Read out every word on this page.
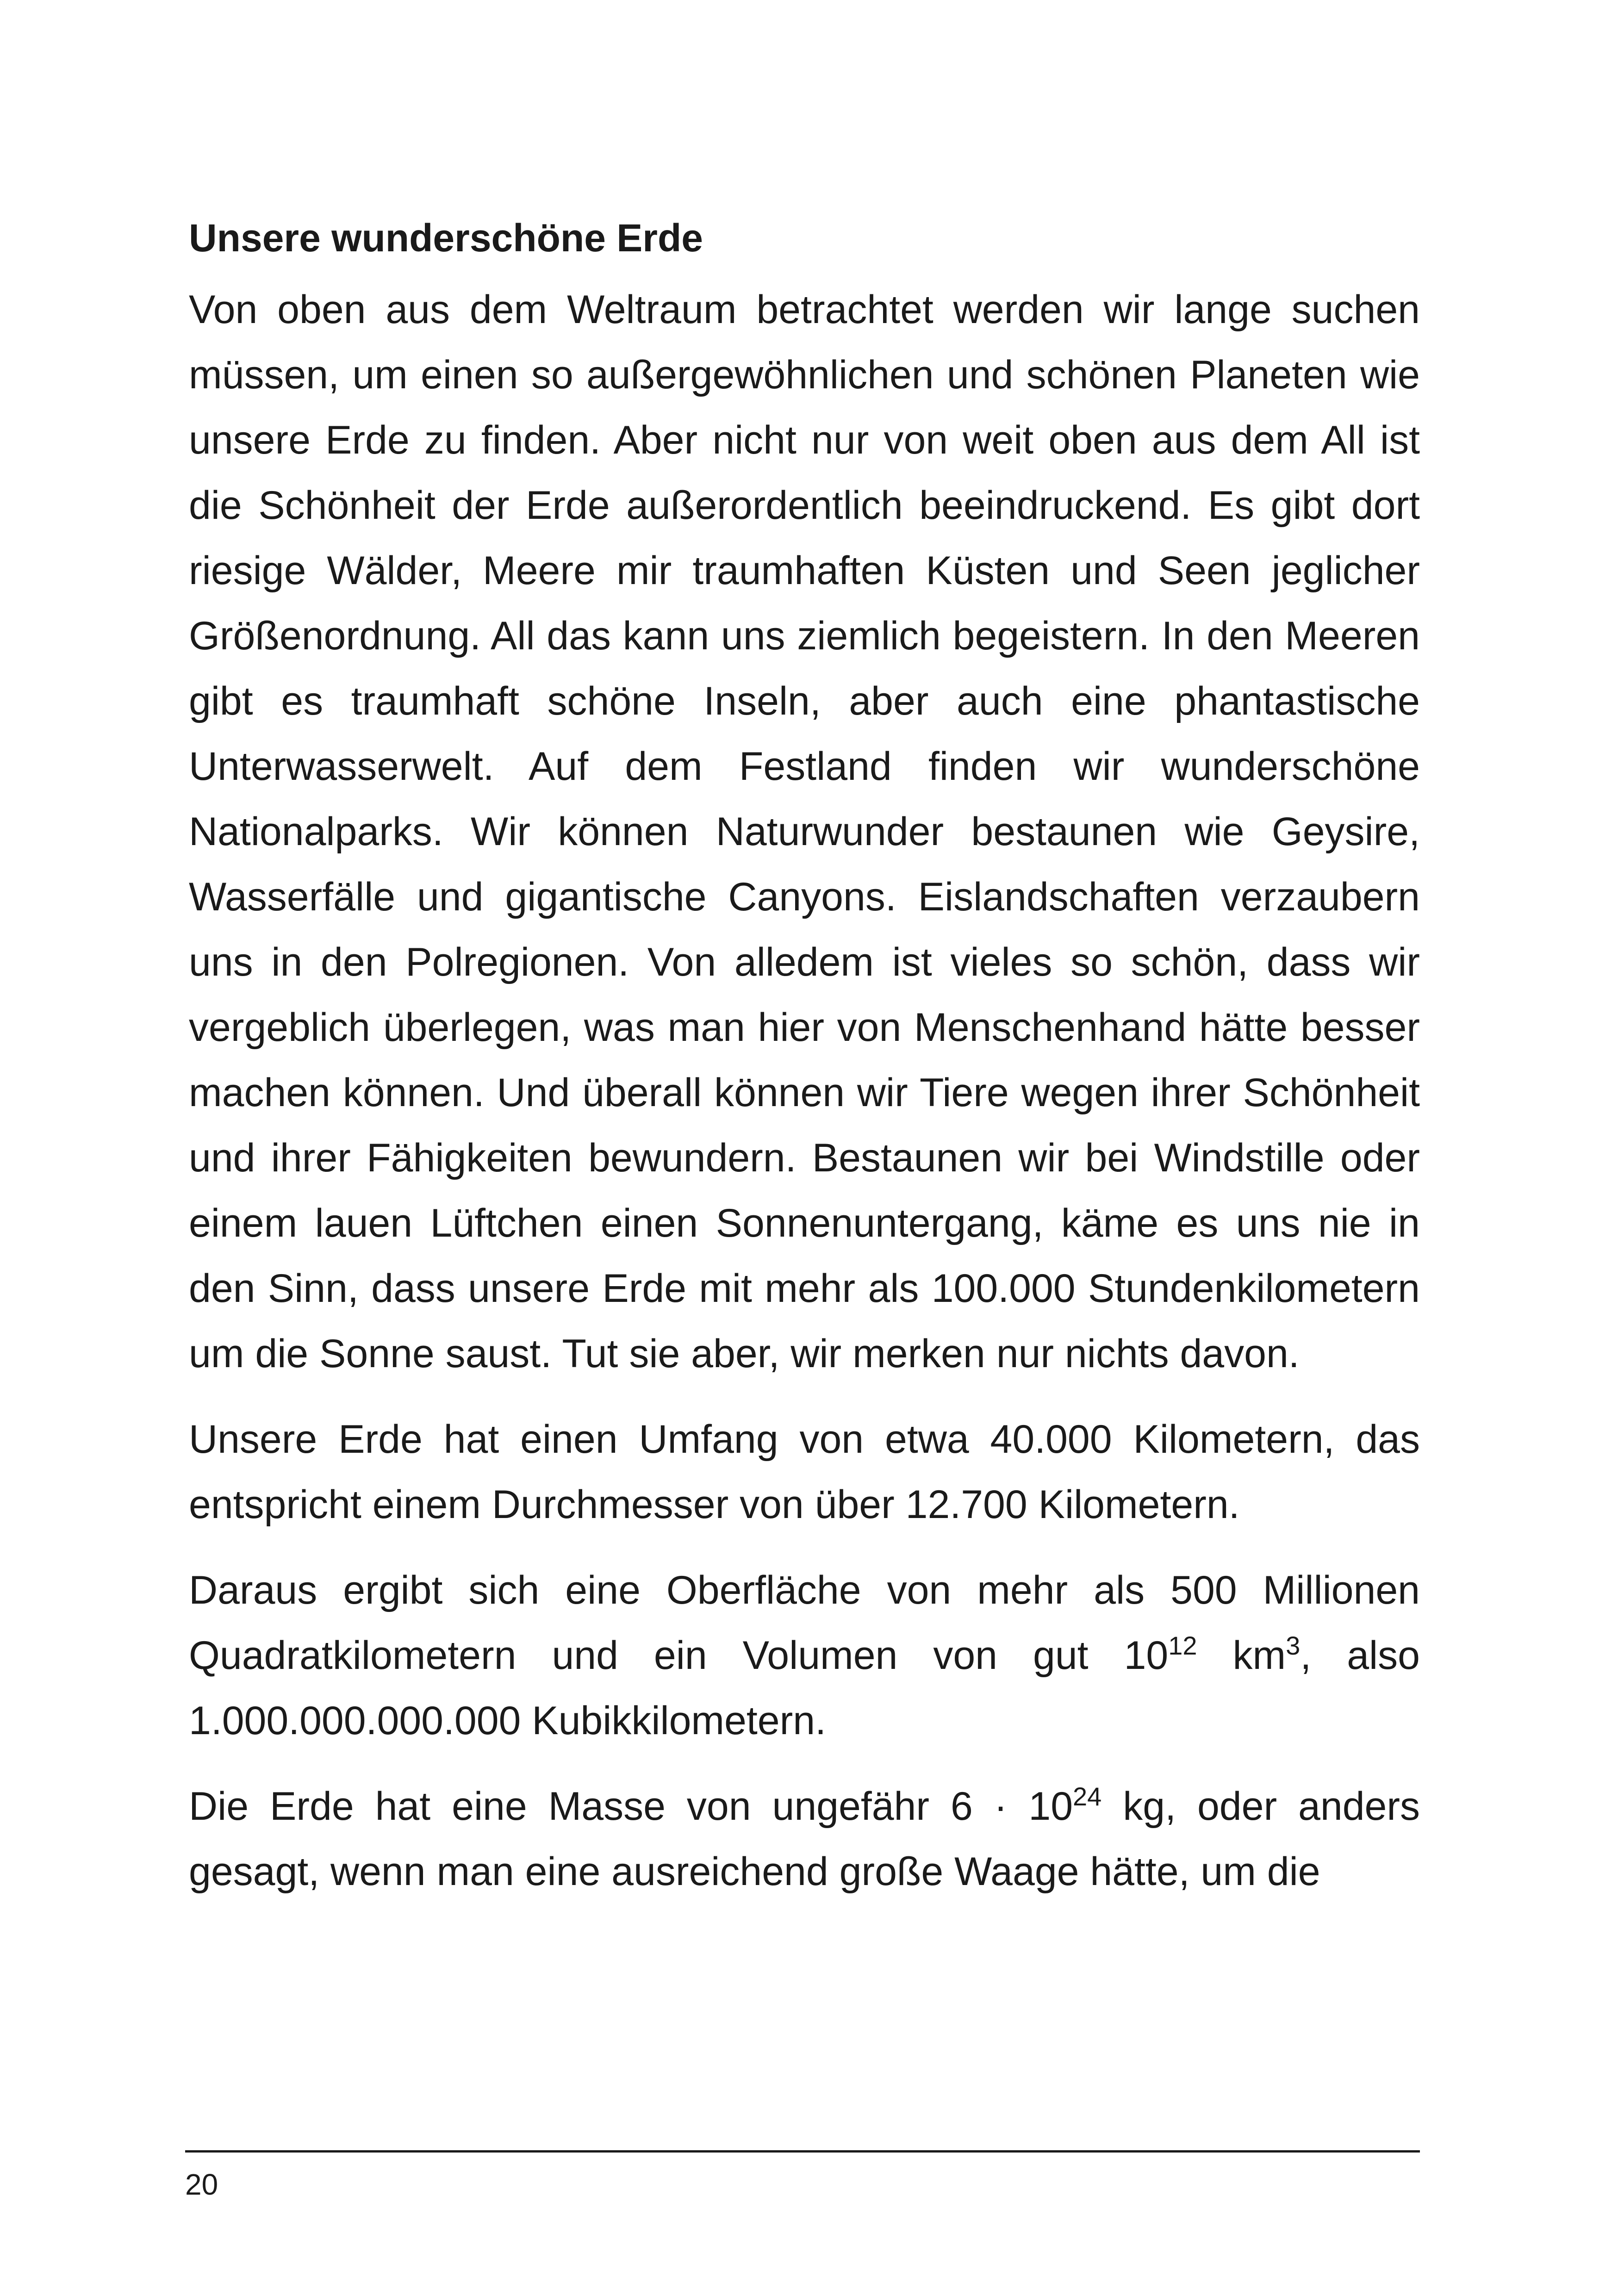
Unsere wunderschöne Erde

Von oben aus dem Weltraum betrachtet werden wir lange suchen müssen, um einen so außergewöhnlichen und schönen Planeten wie unsere Erde zu finden. Aber nicht nur von weit oben aus dem All ist die Schönheit der Erde außerordentlich beeindruckend. Es gibt dort riesige Wälder, Meere mir traumhaften Küsten und Seen jeglicher Größenordnung. All das kann uns ziemlich begeistern. In den Meeren gibt es traumhaft schöne Inseln, aber auch eine phantastische Unterwasserwelt. Auf dem Festland finden wir wunderschöne Nationalparks. Wir können Naturwunder bestaunen wie Geysire, Wasserfälle und gigantische Canyons. Eislandschaften verzaubern uns in den Polregionen. Von alledem ist vieles so schön, dass wir vergeblich überlegen, was man hier von Menschenhand hätte besser machen können. Und überall können wir Tiere wegen ihrer Schönheit und ihrer Fähigkeiten bewundern. Bestaunen wir bei Windstille oder einem lauen Lüftchen einen Sonnenuntergang, käme es uns nie in den Sinn, dass unsere Erde mit mehr als 100.000 Stundenkilometern um die Sonne saust. Tut sie aber, wir merken nur nichts davon.

Unsere Erde hat einen Umfang von etwa 40.000 Kilometern, das entspricht einem Durchmesser von über 12.700 Kilometern.

Daraus ergibt sich eine Oberfläche von mehr als 500 Millionen Quadratkilometern und ein Volumen von gut $10^{12}$ $km^3$, also 1.000.000.000.000 Kubikkilometern.

Die Erde hat eine Masse von ungefähr $6 \cdot 10^{24}$ kg, oder anders gesagt, wenn man eine ausreichend große Waage hätte, um die

20
